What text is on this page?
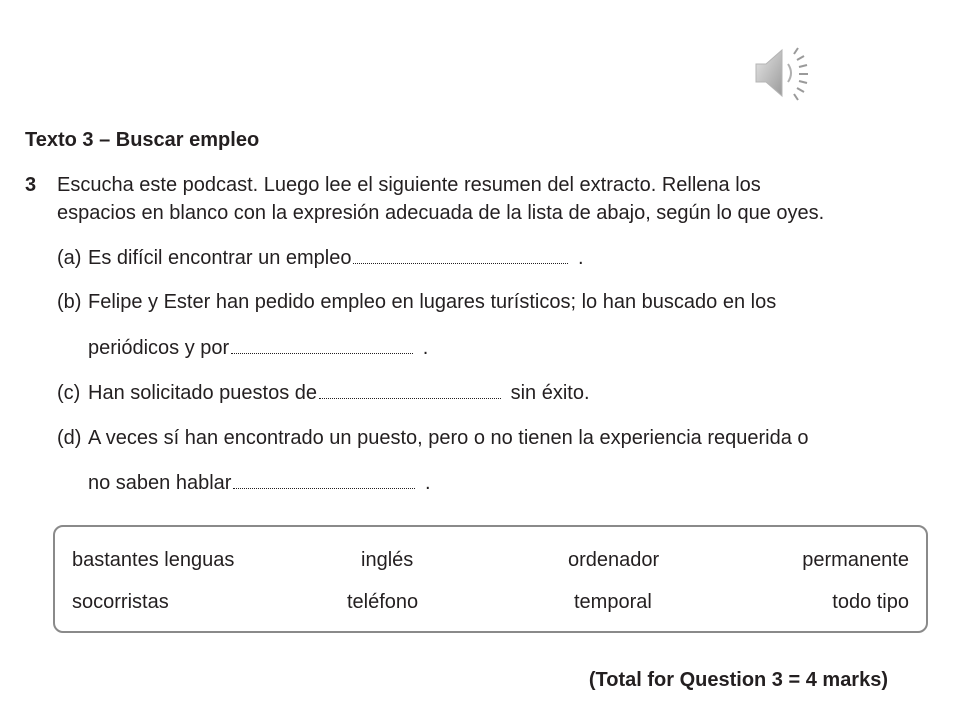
Texto 3 – Buscar empleo
3 Escucha este podcast. Luego lee el siguiente resumen del extracto. Rellena los
espacios en blanco con la expresión adecuada de la lista de abajo, según lo que oyes.
(a) Es difícil encontrar un empleo	.
(b) Felipe y Ester han pedido empleo en lugares turísticos; lo han buscado en los
periódicos y por	.
(c) Han solicitado puestos de	sin éxito.
(d) A veces sí han encontrado un puesto, pero o no tienen la experiencia requerida o
no saben hablar	.
bastantes lenguas	inglés	ordenador	permanente
socorristas	teléfono	temporal	todo tipo
(Total for Question 3 = 4 marks)
